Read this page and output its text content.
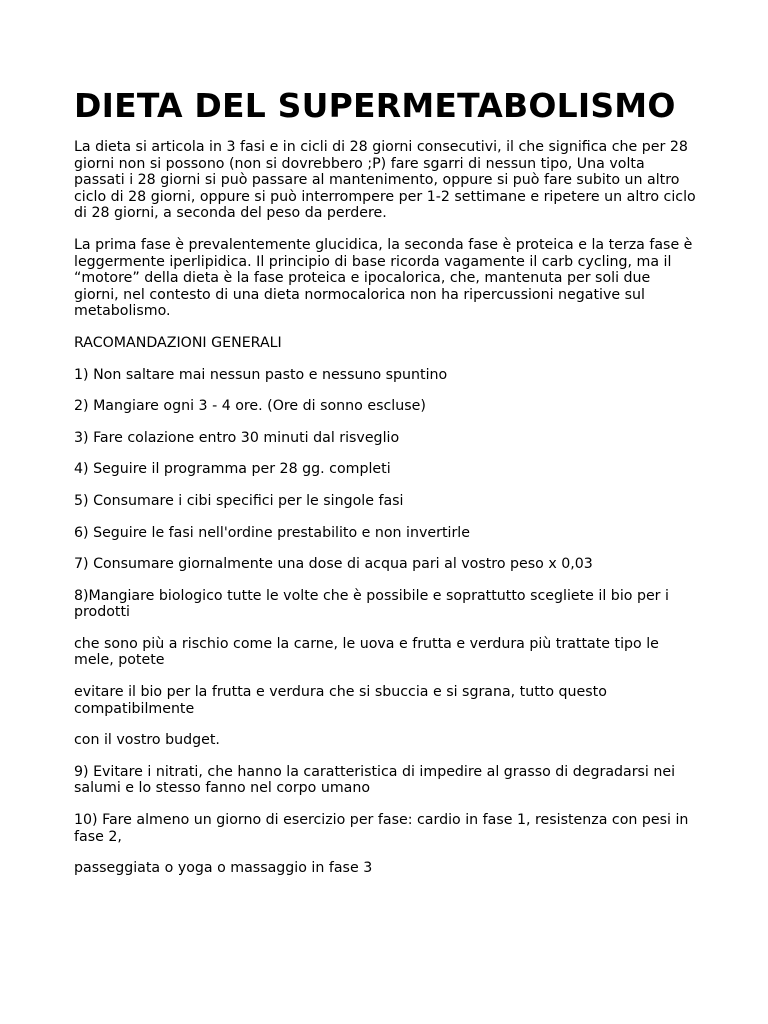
DIETA DEL SUPERMETABOLISMO

La dieta si articola in 3 fasi e in cicli di 28 giorni consecutivi, il che significa che per 28 giorni non si possono (non si dovrebbero ;P) fare sgarri di nessun tipo, Una volta passati i 28 giorni si può passare al mantenimento, oppure si può fare subito un altro ciclo di 28 giorni, oppure si può interrompere per 1-2 settimane e ripetere un altro ciclo di 28 giorni, a seconda del peso da perdere.

La prima fase è prevalentemente glucidica, la seconda fase è proteica e la terza fase è leggermente iperlipidica. Il principio di base ricorda vagamente il carb cycling, ma il “motore” della dieta è la fase proteica e ipocalorica, che, mantenuta per soli due giorni, nel contesto di una dieta normocalorica non ha ripercussioni negative sul metabolismo.

RACOMANDAZIONI GENERALI

1) Non saltare mai nessun pasto e nessuno spuntino

2) Mangiare ogni 3 - 4 ore. (Ore di sonno escluse)

3) Fare colazione entro 30 minuti dal risveglio

4) Seguire il programma per 28 gg. completi

5) Consumare i cibi specifici per le singole fasi

6) Seguire le fasi nell'ordine prestabilito e non invertirle

7) Consumare giornalmente una dose di acqua pari al vostro peso x 0,03

8)Mangiare biologico tutte le volte che è possibile e soprattutto scegliete il bio per i prodotti

che sono più a rischio come la carne, le uova e frutta e verdura più trattate tipo le mele, potete

evitare il bio per la frutta e verdura che si sbuccia e si sgrana, tutto questo compatibilmente

con il vostro budget.

9) Evitare i nitrati, che hanno la caratteristica di impedire al grasso di degradarsi nei salumi e lo stesso fanno nel corpo umano

10) Fare almeno un giorno di esercizio per fase: cardio in fase 1, resistenza con pesi in fase 2,

passeggiata o yoga o massaggio in fase 3
